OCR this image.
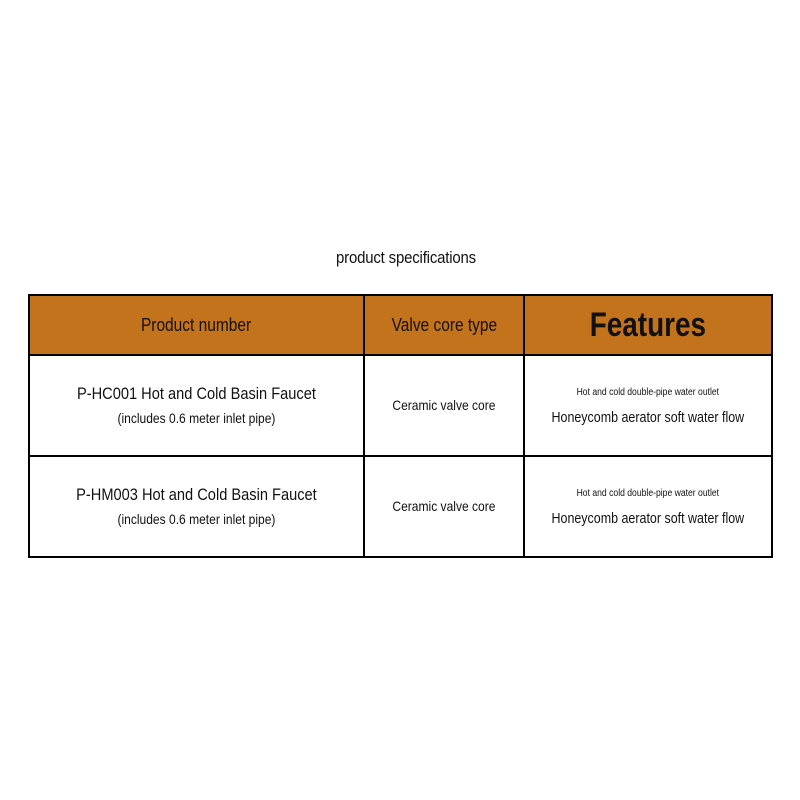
product specifications
Product number	Valve core type	Features

P-HC001 Hot and Cold Basin Faucet
(includes 0.6 meter inlet pipe)	Ceramic valve core	Hot and cold double-pipe water outlet
Honeycomb aerator soft water flow

P-HM003 Hot and Cold Basin Faucet
(includes 0.6 meter inlet pipe)	Ceramic valve core	Hot and cold double-pipe water outlet
Honeycomb aerator soft water flow
